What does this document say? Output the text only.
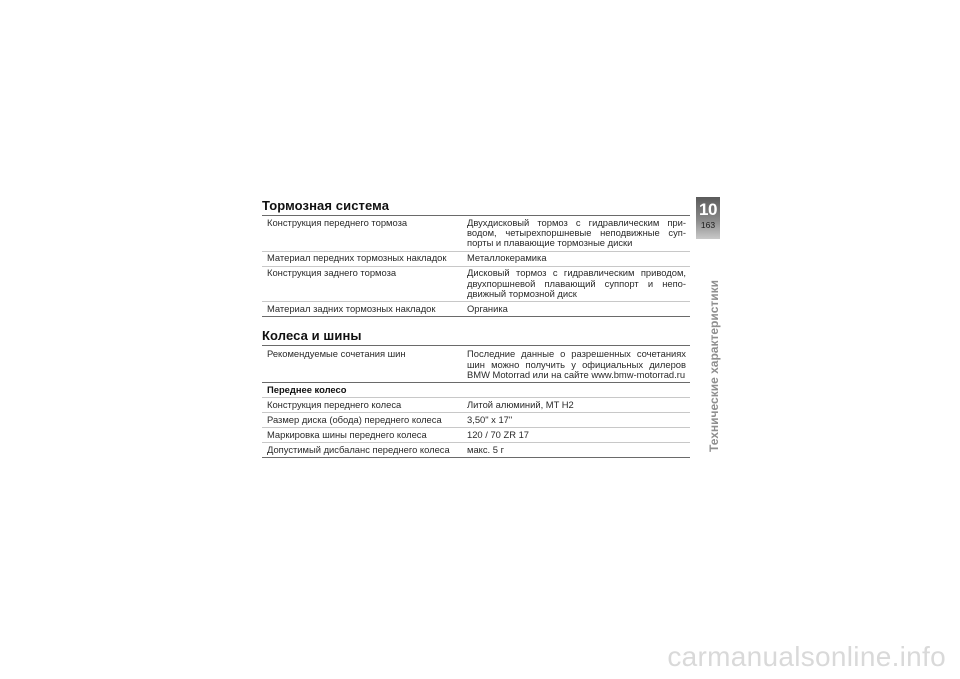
Тормозная система
Конструкция переднего тормоза	Двухдисковый тормоз с гидравлическим при-водом, четырехпоршневые неподвижные суп-порты и плавающие тормозные диски
Материал передних тормозных накладок	Металлокерамика
Конструкция заднего тормоза	Дисковый тормоз с гидравлическим приводом, двухпоршневой плавающий суппорт и непо-движный тормозной диск
Материал задних тормозных накладок	Органика
Колеса и шины
Рекомендуемые сочетания шин	Последние данные о разрешенных сочетаниях шин можно получить у официальных дилеров BMW Motorrad или на сайте www.bmw-motorrad.ru
Переднее колесо
Конструкция переднего колеса	Литой алюминий, MT H2
Размер диска (обода) переднего колеса	3,50" x 17"
Маркировка шины переднего колеса	120 / 70 ZR 17
Допустимый дисбаланс переднего колеса	макс. 5 г
10
163
Технические характеристики
carmanualsonline.info
